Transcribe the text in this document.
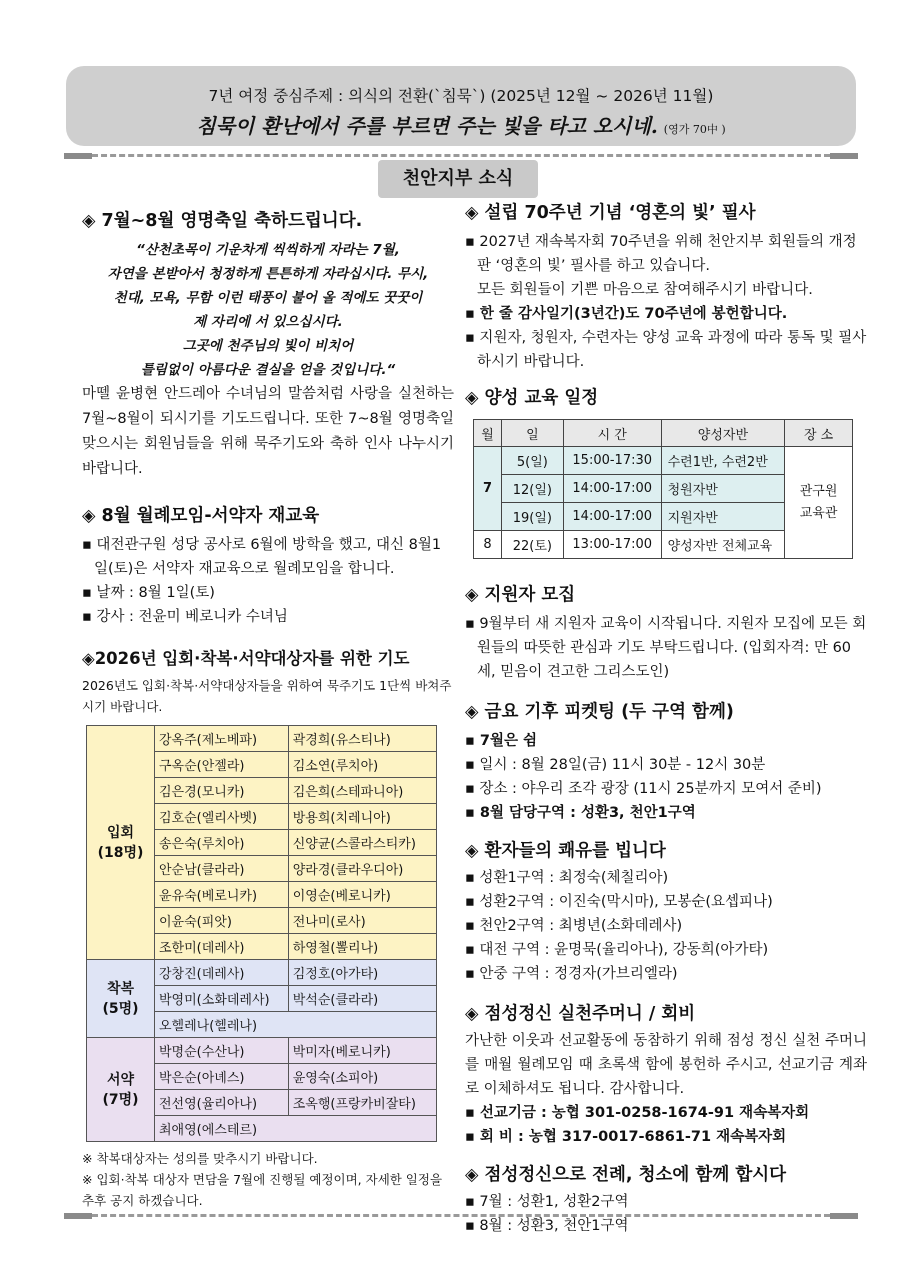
7년 여정 중심주제 : 의식의 전환(`침묵`) (2025년 12월 ~ 2026년 11월)
침묵이 환난에서 주를 부르면 주는 빛을 타고 오시네. (영가 70中 )
천안지부 소식
◈ 7월~8월 영명축일 축하드립니다.
“산천초목이 기운차게 씩씩하게 자라는 7월,
자연을 본받아서 청정하게 튼튼하게 자라십시다. 무시,
천대, 모욕, 무함 이런 태풍이 불어 올 적에도 꿋꿋이
제 자리에 서 있으십시다.
그곳에 천주님의 빛이 비치어
틀림없이 아름다운 결실을 얻을 것입니다.“
마뗄 윤병현 안드레아 수녀님의 말씀처럼 사랑을 실천하는 7월~8월이 되시기를 기도드립니다. 또한 7~8월 영명축일 맞으시는 회원님들을 위해 묵주기도와 축하 인사 나누시기 바랍니다.
◈ 8월 월례모임-서약자 재교육
▪ 대전관구원 성당 공사로 6월에 방학을 했고, 대신 8월1일(토)은 서약자 재교육으로 월례모임을 합니다.
▪ 날짜 : 8월 1일(토)
▪ 강사 : 전윤미 베로니카 수녀님
◈2026년 입회·착복·서약대상자를 위한 기도
2026년도 입회·착복·서약대상자들을 위하여 묵주기도 1단씩 바쳐주시기 바랍니다.
입회
(18명)	강옥주(제노베파)	곽경희(유스티나)
	구옥순(안젤라)	김소연(루치아)
	김은경(모니카)	김은희(스테파니아)
	김호순(엘리사벳)	방용희(치레니아)
	송은숙(루치아)	신양균(스콜라스티카)
	안순남(클라라)	양라경(클라우디아)
	윤유숙(베로니카)	이영순(베로니카)
	이윤숙(피앗)	전나미(로사)
	조한미(데레사)	하영철(뽈리나)

착복
(5명)	강창진(데레사)	김정호(아가타)
	박영미(소화데레사)	박석순(클라라)
	오헬레나(헬레나)	

서약
(7명)	박명순(수산나)	박미자(베로니카)
	박은순(아녜스)	윤영숙(소피아)
	전선영(율리아나)	조옥행(프랑카비잘타)
	최애영(에스테르)	
※ 착복대상자는 성의를 맞추시기 바랍니다.
※ 입회·착복 대상자 면담을 7월에 진행될 예정이며, 자세한 일정을 추후 공지 하겠습니다.
◈ 설립 70주년 기념 ‘영혼의 빛’ 필사
▪ 2027년 재속복자회 70주년을 위해 천안지부 회원들의 개정판 ‘영혼의 빛’ 필사를 하고 있습니다.
모든 회원들이 기쁜 마음으로 참여해주시기 바랍니다.
▪ 한 줄 감사일기(3년간)도 70주년에 봉헌합니다.
▪ 지원자, 청원자, 수련자는 양성 교육 과정에 따라 통독 및 필사하시기 바랍니다.
◈ 양성 교육 일정
월	일	시 간	양성자반	장 소
7	5(일)	15:00-17:30	수련1반, 수련2반	관구원
교육관
	12(일)	14:00-17:00	청원자반	
	19(일)	14:00-17:00	지원자반	
8	22(토)	13:00-17:00	양성자반 전체교육	
◈ 지원자 모집
▪ 9월부터 새 지원자 교육이 시작됩니다. 지원자 모집에 모든 회원들의 따뜻한 관심과 기도 부탁드립니다. (입회자격: 만 60세, 믿음이 견고한 그리스도인)
◈ 금요 기후 피켓팅 (두 구역 함께)
▪ 7월은 쉼
▪ 일시 : 8월 28일(금) 11시 30분 - 12시 30분
▪ 장소 : 야우리 조각 광장 (11시 25분까지 모여서 준비)
▪ 8월 담당구역 : 성환3, 천안1구역
◈ 환자들의 쾌유를 빕니다
▪ 성환1구역 : 최정숙(체칠리아)
▪ 성환2구역 : 이진숙(막시마), 모봉순(요셉피나)
▪ 천안2구역 : 최병년(소화데레사)
▪ 대전 구역 : 윤명묵(율리아나), 강동희(아가타)
▪ 안중 구역 : 정경자(가브리엘라)
◈ 점성정신 실천주머니 / 회비
가난한 이웃과 선교활동에 동참하기 위해 점성 정신 실천 주머니를 매월 월례모임 때 초록색 함에 봉헌하 주시고, 선교기금 계좌로 이체하셔도 됩니다. 감사합니다.
▪ 선교기금 : 농협 301-0258-1674-91 재속복자회
▪ 회 비 : 농협 317-0017-6861-71 재속복자회
◈ 점성정신으로 전례, 청소에 함께 합시다
▪ 7월 : 성환1, 성환2구역
▪ 8월 : 성환3, 천안1구역
